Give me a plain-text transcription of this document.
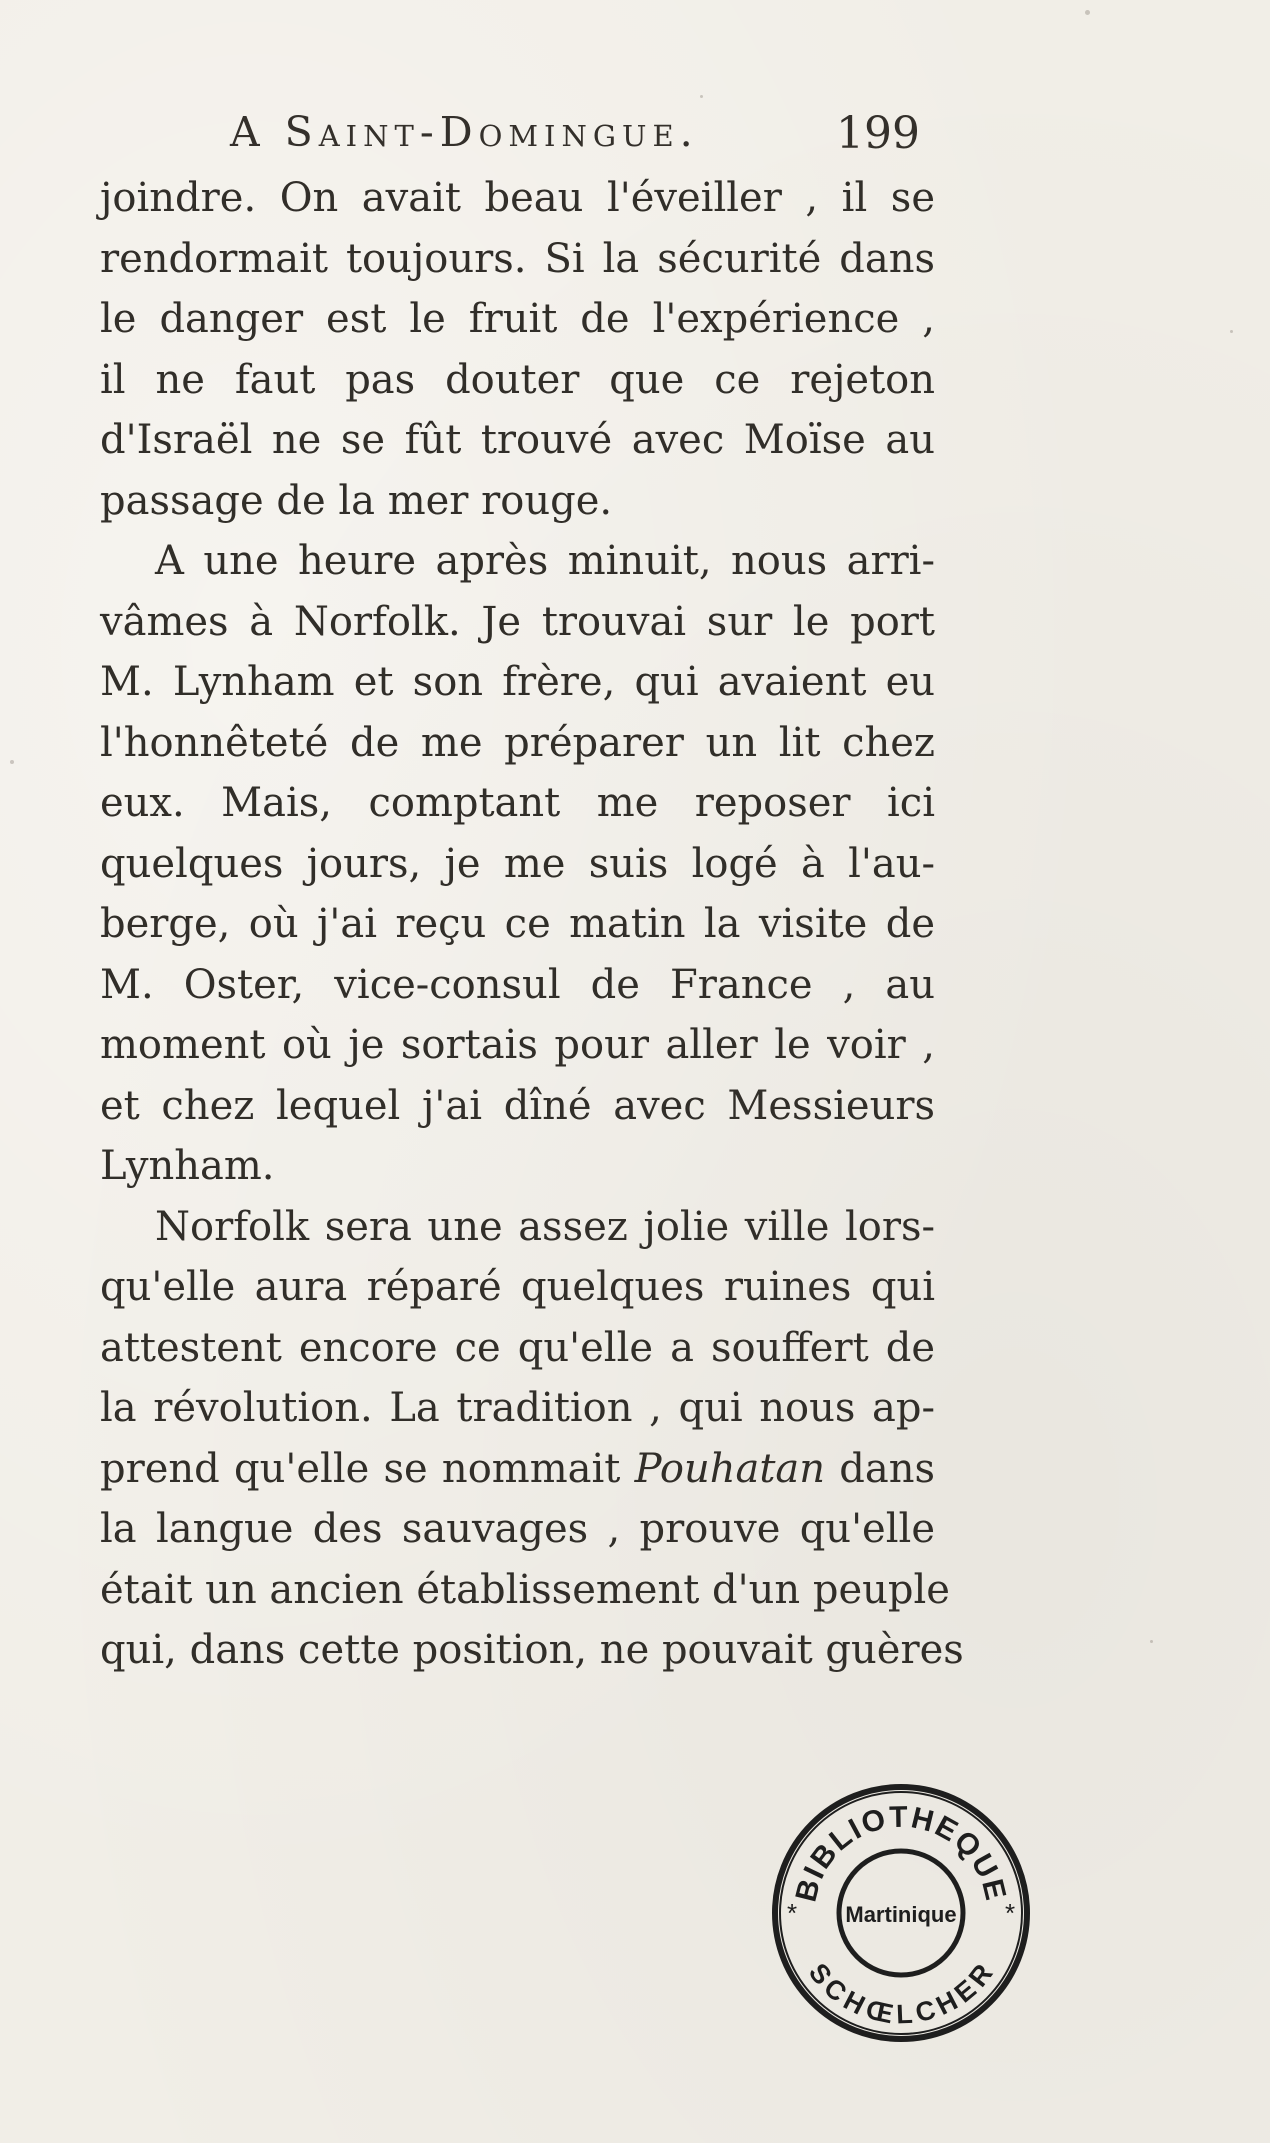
A Saint-Domingue.	199
joindre. On avait beau l'éveiller , il se
rendormait toujours. Si la sécurité dans
le danger est le fruit de l'expérience ,
il ne faut pas douter que ce rejeton
d'Israël ne se fût trouvé avec Moïse au
passage de la mer rouge.
A une heure après minuit, nous arri-
vâmes à Norfolk. Je trouvai sur le port
M. Lynham et son frère, qui avaient eu
l'honnêteté de me préparer un lit chez
eux. Mais, comptant me reposer ici
quelques jours, je me suis logé à l'au-
berge, où j'ai reçu ce matin la visite de
M. Oster, vice-consul de France , au
moment où je sortais pour aller le voir ,
et chez lequel j'ai dîné avec Messieurs
Lynham.
Norfolk sera une assez jolie ville lors-
qu'elle aura réparé quelques ruines qui
attestent encore ce qu'elle a souffert de
la révolution. La tradition , qui nous ap-
prend qu'elle se nommait Pouhatan dans
la langue des sauvages , prouve qu'elle
était un ancien établissement d'un peuple
qui, dans cette position, ne pouvait guères
BIBLIOTHEQUE
SCHŒLCHER
Martinique
*	*
